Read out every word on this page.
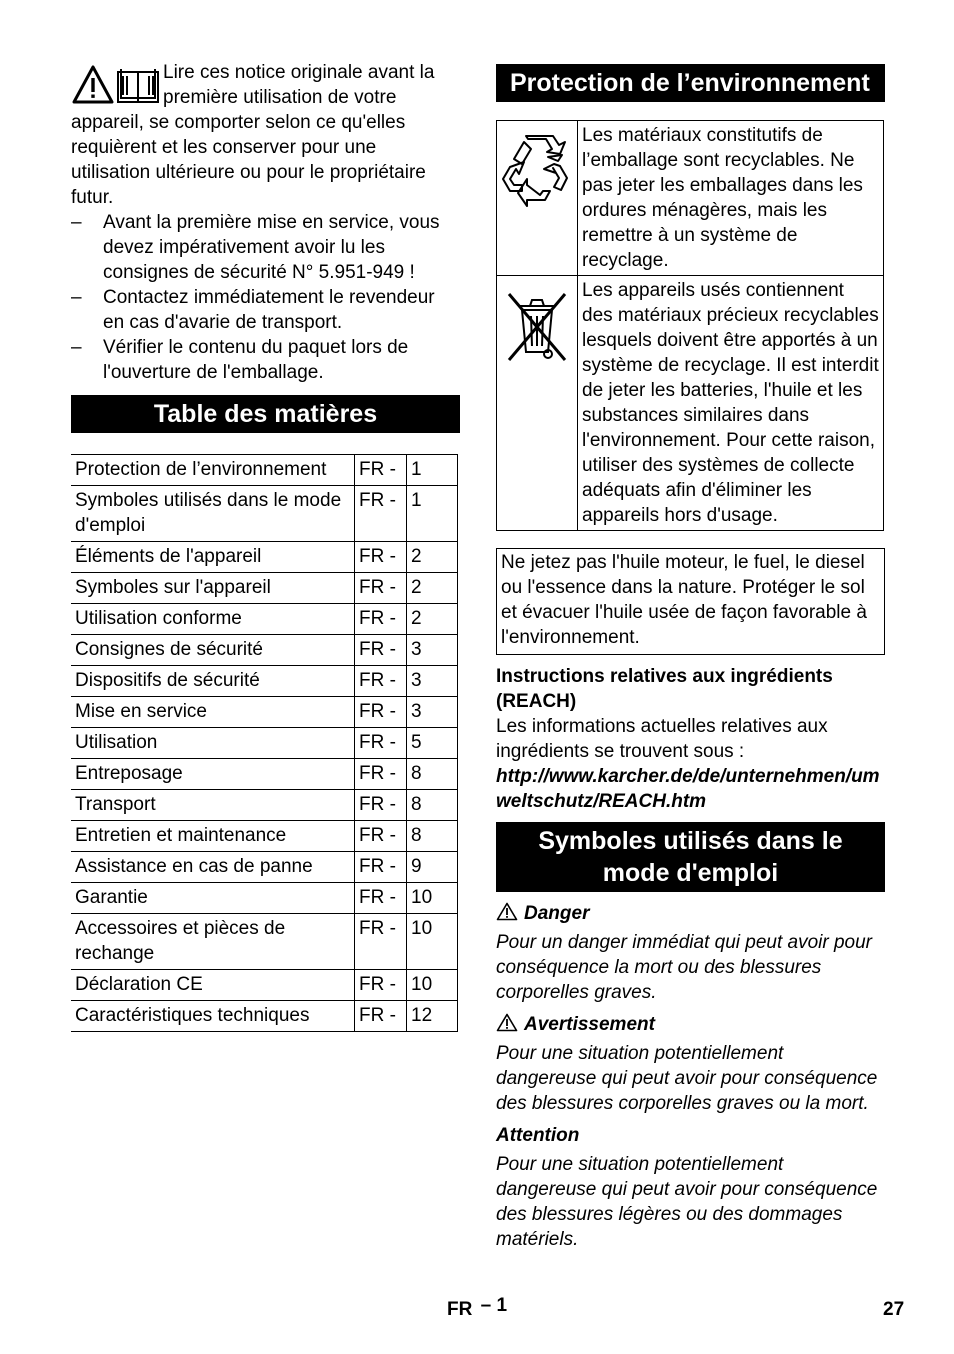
Lire ces notice originale avant la première utilisation de votre appareil, se comporter selon ce qu'elles requièrent et les conserver pour une utilisation ultérieure ou pour le propriétaire futur.

– Avant la première mise en service, vous devez impérativement avoir lu les consignes de sécurité N° 5.951-949 !
– Contactez immédiatement le revendeur en cas d'avarie de transport.
– Vérifier le contenu du paquet lors de l'ouverture de l'emballage.
Table des matières
Protection de l’environnement	FR -	1
Symboles utilisés dans le mode d'emploi	FR -	1
Éléments de l'appareil	FR -	2
Symboles sur l'appareil	FR -	2
Utilisation conforme	FR -	2
Consignes de sécurité	FR -	3
Dispositifs de sécurité	FR -	3
Mise en service	FR -	3
Utilisation	FR -	5
Entreposage	FR -	8
Transport	FR -	8
Entretien et maintenance	FR -	8
Assistance en cas de panne	FR -	9
Garantie	FR -	10
Accessoires et pièces de rechange	FR -	10
Déclaration CE	FR -	10
Caractéristiques techniques	FR -	12
Protection de l’environnement
	Les matériaux constitutifs de l’emballage sont recyclables. Ne pas jeter les emballages dans les ordures ménagères, mais les remettre à un système de recyclage.

	Les appareils usés contiennent des matériaux précieux recyclables lesquels doivent être apportés à un système de recyclage. Il est interdit de jeter les batteries, l'huile et les substances similaires dans l'environnement. Pour cette raison, utiliser des systèmes de collecte adéquats afin d'éliminer les appareils hors d'usage.
Ne jetez pas l'huile moteur, le fuel, le diesel ou l'essence dans la nature. Protéger le sol et évacuer l'huile usée de façon favorable à l'environnement.

Instructions relatives aux ingrédients (REACH)

Les informations actuelles relatives aux ingrédients se trouvent sous :

http://www.karcher.de/de/unternehmen/umweltschutz/REACH.htm

Symboles utilisés dans le mode d'emploi

Danger

Pour un danger immédiat qui peut avoir pour conséquence la mort ou des blessures corporelles graves.

Avertissement

Pour une situation potentiellement dangereuse qui peut avoir pour conséquence des blessures corporelles graves ou la mort.

Attention

Pour une situation potentiellement dangereuse qui peut avoir pour conséquence des blessures légères ou des dommages matériels.

FR – 1	27
